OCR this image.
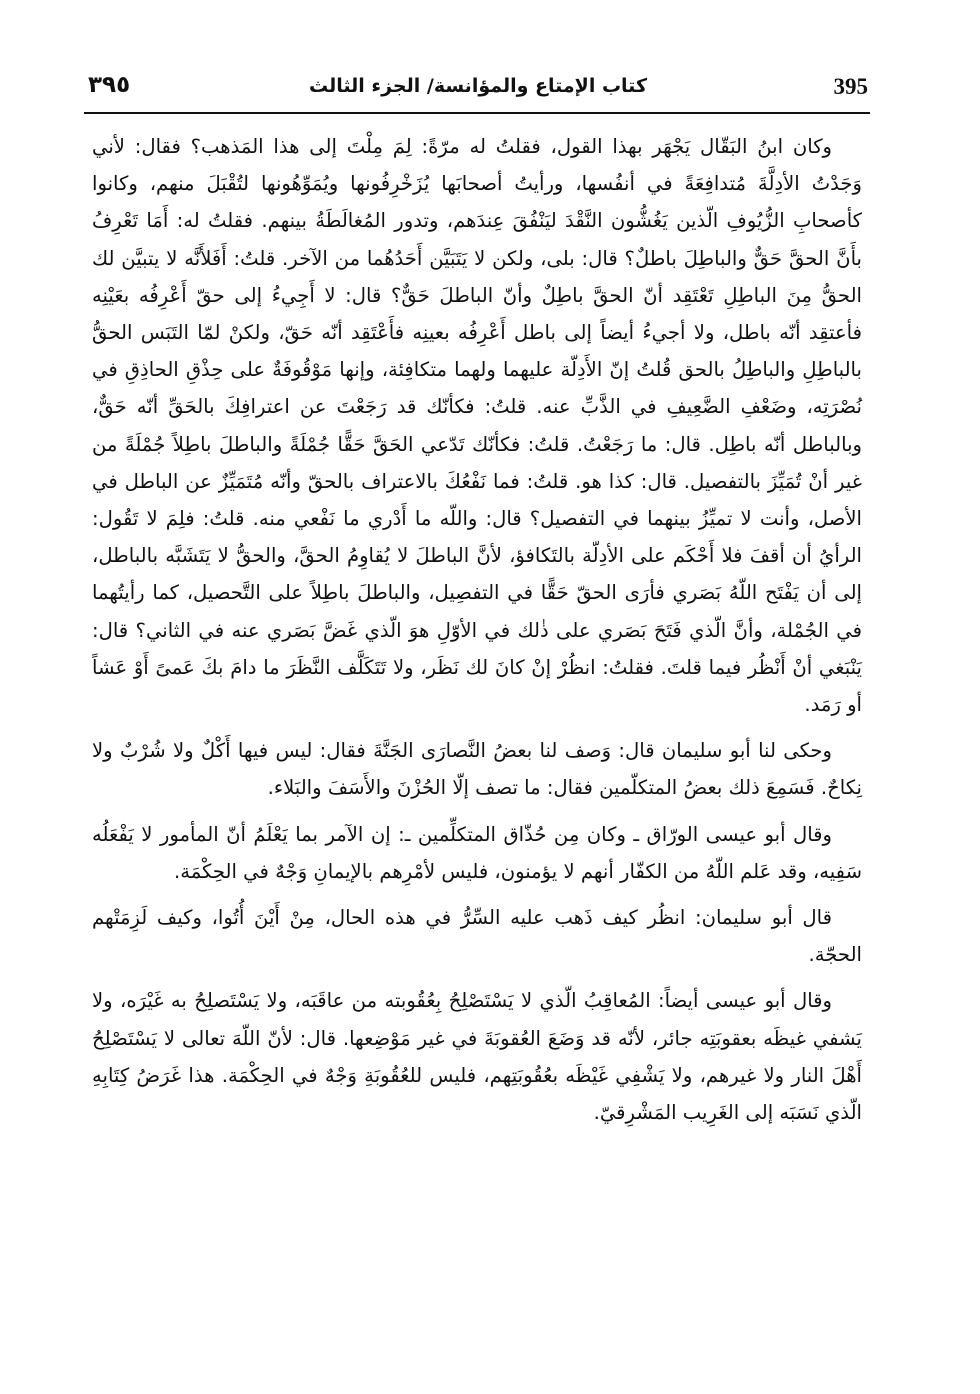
395
كتاب الإمتاع والمؤانسة/ الجزء الثالث
٣٩٥

وكان ابنُ البَقّال يَجْهَر بهذا القول، فقلتُ له مرّةً: لِمَ مِلْتَ إلى هذا المَذهب؟ فقال: لأني وَجَدْتُ الأدِلَّةَ مُتدافِعَةً في أنفُسها، ورأيتُ أصحابَها يُزَخْرِفُونها ويُمَوِّهُونها لتُقْبَلَ منهم، وكانوا كأصحابِ الزُّيُوفِ الّذين يَغُشُّون النَّقْدَ ليَنْفُقَ عِندَهم، وتدور المُغالَطَةُ بينهم. فقلتُ له: أَمَا تَعْرِفُ بأَنَّ الحقَّ حَقٌّ والباطِلَ باطلٌ؟ قال: بلى، ولكن لا يَتَبَيَّن أَحَدُهُما من الآخر. قلتُ: أَفَلأَنَّه لا يتبيَّن لك الحقُّ مِنَ الباطِلِ تَعْتَقِد أنّ الحقَّ باطِلٌ وأنّ الباطلَ حَقٌّ؟ قال: لا أَجِيءُ إلى حقّ أَعْرِفُه بعَيْنِه فأعتقِد أنّه باطل، ولا أجيءُ أيضاً إلى باطل أَعْرِفُه بعينِه فأَعْتَقِد أنّه حَقّ، ولكنْ لمّا التَبَس الحقُّ بالباطِلِ والباطِلُ بالحق قُلتُ إنّ الأَدِلّة عليهما ولهما متكافِئة، وإنها مَوْقُوفَةٌ على حِذْقِ الحاذِقِ في نُصْرَتِه، وضَعْفِ الضَّعِيفِ في الذَّبِّ عنه. قلتُ: فكأنّك قد رَجَعْتَ عن اعترافِكَ بالحَقِّ أنّه حَقٌّ، وبالباطل أنّه باطِل. قال: ما رَجَعْتُ. قلتُ: فكأنّك تَدّعي الحَقَّ حَقًّا جُمْلَةً والباطلَ باطِلاً جُمْلَةً من غير أنْ تُمَيِّزَ بالتفصيل. قال: كذا هو. قلتُ: فما نَفْعُكَ بالاعتراف بالحقّ وأنّه مُتَمَيِّزٌ عن الباطل في الأصل، وأنت لا تميِّزُ بينهما في التفصيل؟ قال: واللّه ما أَدْري ما نَفْعي منه. قلتُ: فلِمَ لا تَقُول: الرأيُ أن أقفَ فلا أَحْكَم على الأدِلّة بالتَكافؤ، لأنَّ الباطلَ لا يُقاوِمُ الحقَّ، والحقُّ لا يَتَشَبَّه بالباطل، إلى أن يَفْتَح اللّهُ بَصَري فأرَى الحقّ حَقًّا في التفصِيل، والباطلَ باطِلاً على التَّحصيل، كما رأيتُهما في الجُمْلة، وأنَّ الّذي فَتَحَ بَصَري على ذٰلك في الأوّلِ هوَ الّذي غَضَّ بَصَري عنه في الثاني؟ قال: يَنْبَغي أنْ أَنْظُر فيما قلتَ. فقلتُ: انظُرْ إنْ كانَ لك نَظَر، ولا تَتَكَلَّف النَّظَرَ ما دامَ بكَ عَمىً أَوْ عَشاً أو رَمَد.

وحكى لنا أبو سليمان قال: وَصف لنا بعضُ النَّصارَى الجَنَّةَ فقال: ليس فيها أَكْلٌ ولا شُرْبٌ ولا نِكاحٌ. فَسَمِعَ ذلك بعضُ المتكلّمين فقال: ما تصف إلّا الحُزْنَ والأَسَفَ والبَلاء.

وقال أبو عيسى الورّاق ـ وكان مِن حُذّاق المتكلِّمين ـ: إن الآمر بما يَعْلَمُ أنّ المأمور لا يَفْعَلُه سَفِيه، وقد عَلم اللّهُ من الكفّار أنهم لا يؤمنون، فليس لأمْرِهم بالإيمانِ وَجْهٌ في الحِكْمَة.

قال أبو سليمان: انظُر كيف ذَهب عليه السِّرُّ في هذه الحال، مِنْ أَيْنَ أُتُوا، وكيف لَزِمَتْهم الحجّة.

وقال أبو عيسى أيضاً: المُعاقِبُ الّذي لا يَسْتَصْلِحُ بِعُقُوبته من عاقَبَه، ولا يَسْتَصلِحُ به غَيْرَه، ولا يَشفي غيظَه بعقوبَتِه جائر، لأنّه قد وَضَعَ العُقوبَةَ في غير مَوْضِعها. قال: لأنّ اللّهَ تعالى لا يَسْتَصْلِحُ أَهْلَ النار ولا غيرهم، ولا يَشْفِي غَيْظَه بعُقُوبَتِهم، فليس للعُقُوبَةِ وَجْهٌ في الحِكْمَة. هذا غَرَضُ كِتَابِهِ الّذي نَسَبَه إلى الغَرِيب المَشْرِقيّ.
